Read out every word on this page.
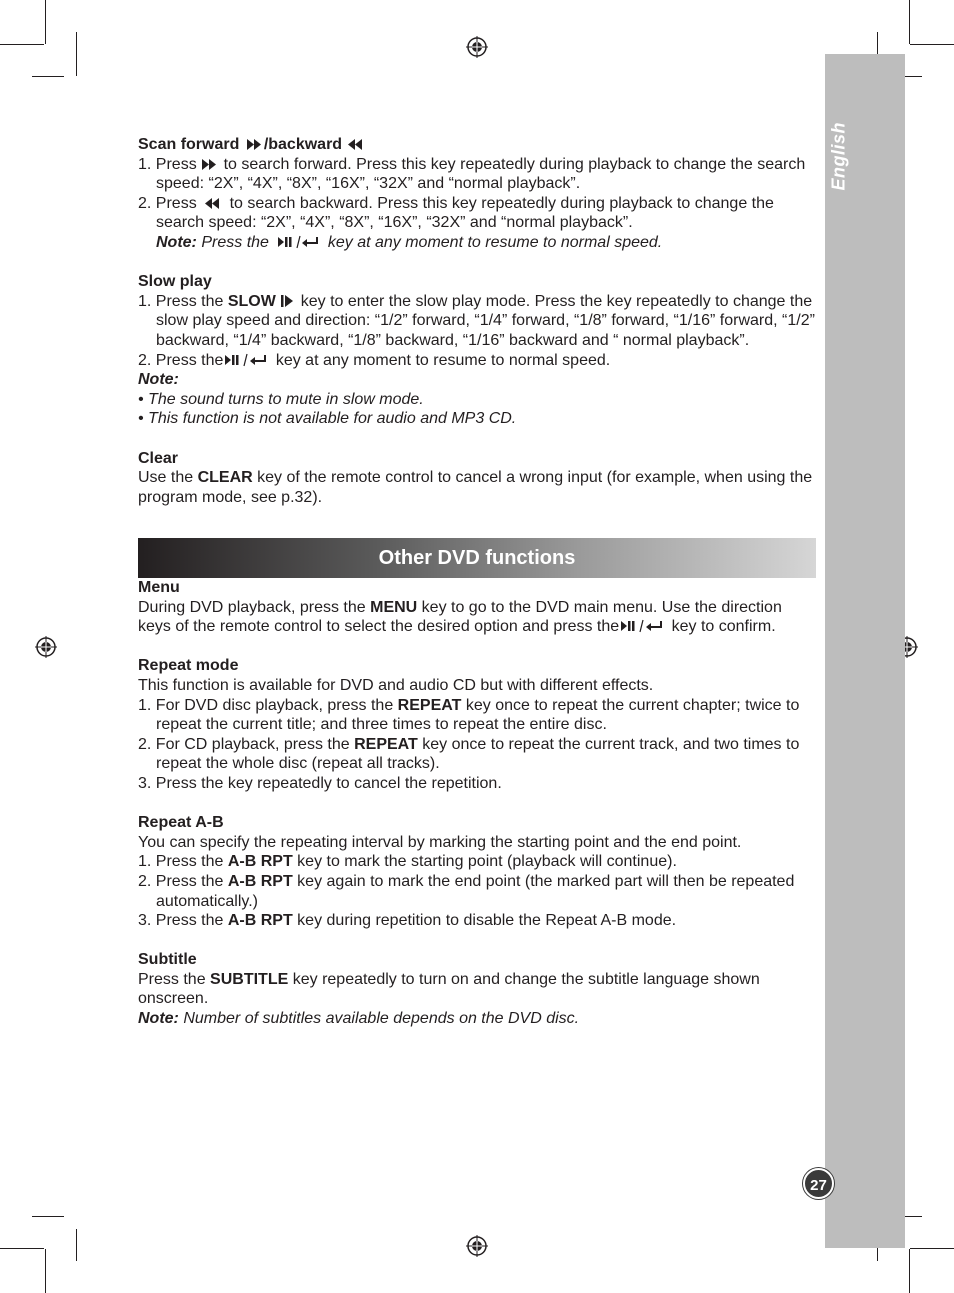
English
27

Scan forward /backward

1. Press to search forward. Press this key repeatedly during playback to change the search speed: “2X”, “4X”, “8X”, “16X”, “32X” and “normal playback”.

2. Press to search backward. Press this key repeatedly during playback to change the search speed: “2X”, “4X”, “8X”, “16X”, “32X” and “normal playback”.

Note: Press the	key at any moment to resume to normal speed.

Slow play

1. Press the SLOW key to enter the slow play mode. Press the key repeatedly to change the slow play speed and direction: “1/2” forward, “1/4” forward, “1/8” forward, “1/16” forward, “1/2” backward, “1/4” backward, “1/8” backward, “1/16” backward and “ normal playback”.

2. Press the	key at any moment to resume to normal speed.

Note:

• The sound turns to mute in slow mode.

• This function is not available for audio and MP3 CD.

Clear

Use the CLEAR key of the remote control to cancel a wrong input (for example, when using the program mode, see p.32).

Other DVD functions

Menu

During DVD playback, press the MENU key to go to the DVD main menu. Use the direction keys of the remote control to select the desired option and press the	key to confirm.

Repeat mode

This function is available for DVD and audio CD but with different effects.

1. For DVD disc playback, press the REPEAT key once to repeat the current chapter; twice to repeat the current title; and three times to repeat the entire disc.

2. For CD playback, press the REPEAT key once to repeat the current track, and two times to repeat the whole disc (repeat all tracks).

3. Press the key repeatedly to cancel the repetition.

Repeat A-B

You can specify the repeating interval by marking the starting point and the end point.

1. Press the A-B RPT key to mark the starting point (playback will continue).

2. Press the A-B RPT key again to mark the end point (the marked part will then be repeated automatically.)

3. Press the A-B RPT key during repetition to disable the Repeat A-B mode.

Subtitle

Press the SUBTITLE key repeatedly to turn on and change the subtitle language shown onscreen.

Note: Number of subtitles available depends on the DVD disc.
